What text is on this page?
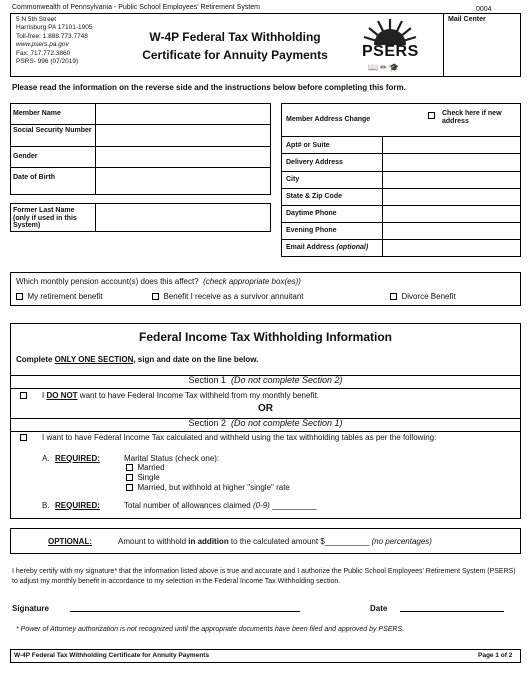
Commonwealth of Pennsylvania - Public School Employees' Retirement System	0004
Mail Center
5 N 5th Street
Harrisburg PA 17101-1905
Toll-free: 1.888.773.7748
www.psers.pa.gov
Fax: 717.772.3860
PSRS- 996 (07/2019)
W-4P Federal Tax Withholding
Certificate for Annuity Payments	PSERS
📖 ✏ 🎓
Please read the information on the reverse side and the instructions below before completing this form.
Member Name
Social Security Number
Gender
Date of Birth
Former Last Name (only if used in this System)
Member Address Change
Check here if new address
Apt# or Suite
Delivery Address
City
State & Zip Code
Daytime Phone
Evening Phone
Email Address (optional)
Which monthly pension account(s) does this affect? (check appropriate box(es))
My retirement benefit	Benefit I receive as a survivor annuitant	Divorce Benefit
Federal Income Tax Withholding Information
Complete ONLY ONE SECTION, sign and date on the line below.
Section 1 (Do not complete Section 2)
I DO NOT want to have Federal Income Tax withheld from my monthly benefit.
OR
Section 2 (Do not complete Section 1)
I want to have Federal Income Tax calculated and withheld using the tax withholding tables as per the following:
A. REQUIRED:	Marital Status (check one):
Married
Single
Married, but withhold at higher "single" rate
B. REQUIRED:	Total number of allowances claimed (0-9) __________
OPTIONAL:	Amount to withhold in addition to the calculated amount $__________ (no percentages)
I hereby certify with my signature* that the information listed above is true and accurate and I authorize the Public School Employees' Retirement System (PSERS) to adjust my monthly benefit in accordance to my selection in the Federal Income Tax Withholding section.
Signature	Date
* Power of Attorney authorization is not recognized until the appropriate documents have been filed and approved by PSERS.
W-4P Federal Tax Withholding Certificate for Annuity Payments	Page 1 of 2
